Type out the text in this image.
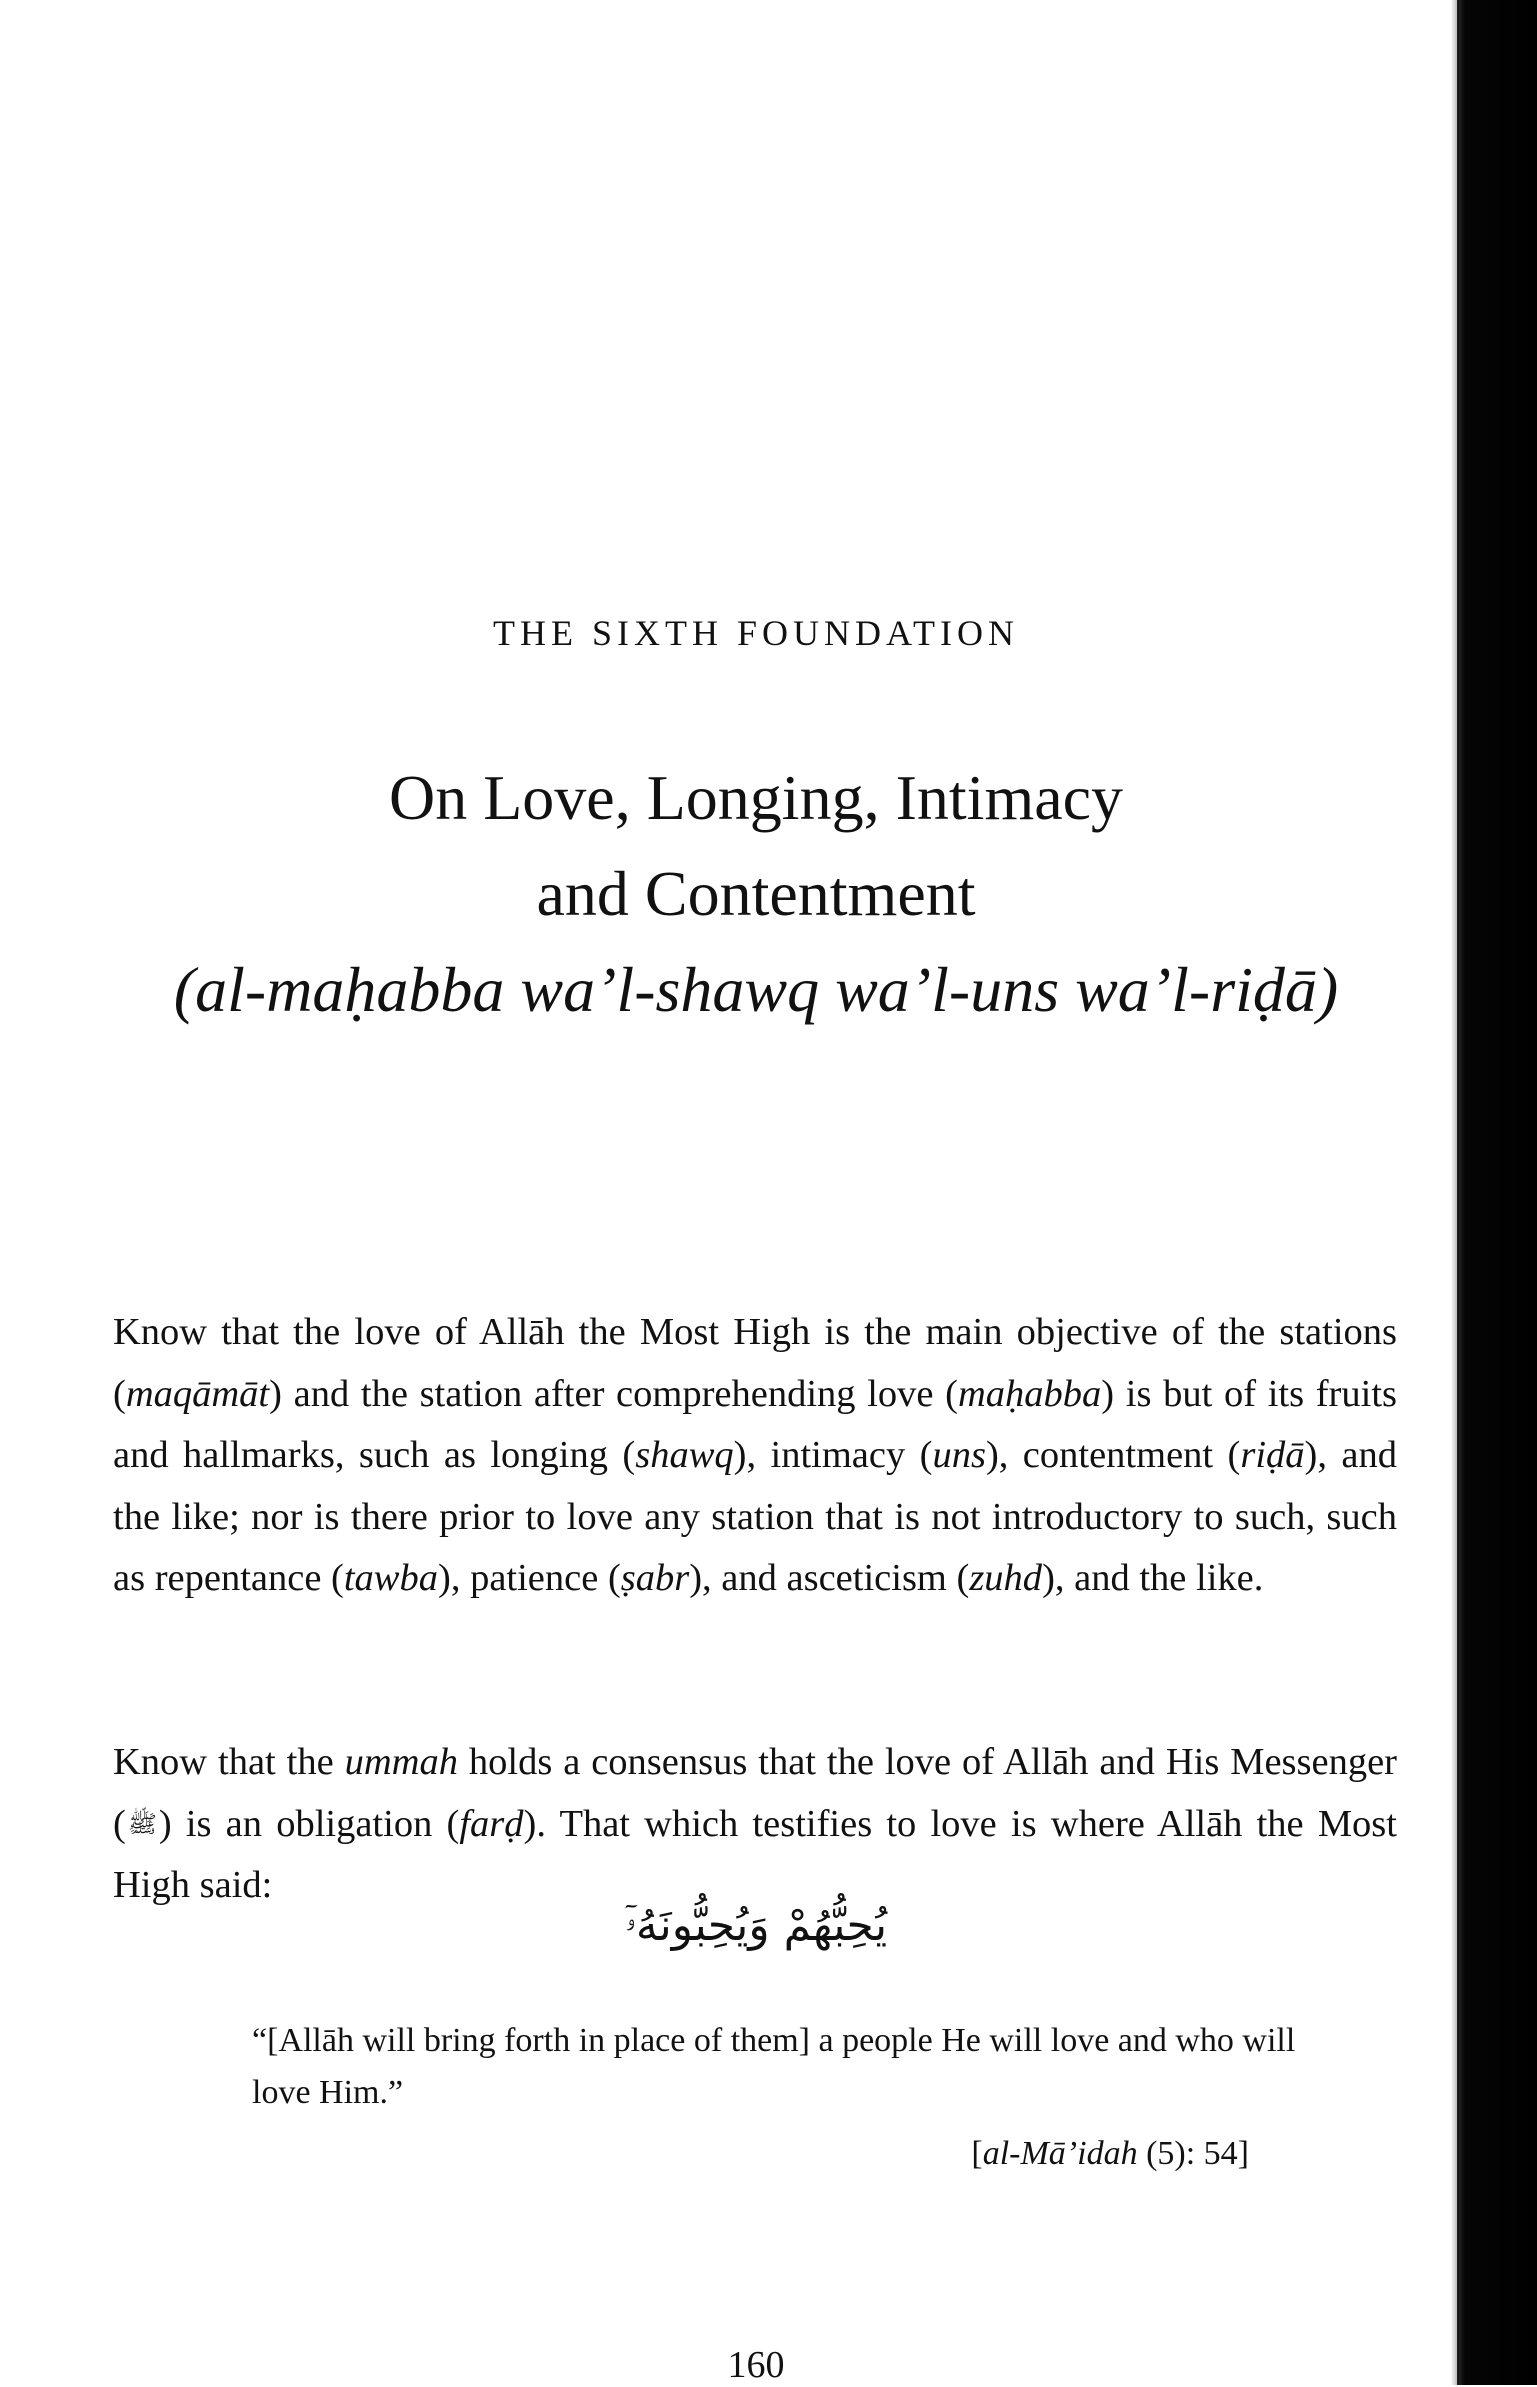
THE SIXTH FOUNDATION

On Love, Longing, Intimacy
and Contentment
(al-maḥabba wa’l-shawq wa’l-uns wa’l-riḍā)

Know that the love of Allāh the Most High is the main objective of the stations (maqāmāt) and the station after comprehending love (maḥabba) is but of its fruits and hallmarks, such as longing (shawq), intimacy (uns), contentment (riḍā), and the like; nor is there prior to love any station that is not introductory to such, such as repentance (tawba), patience (ṣabr), and asceticism (zuhd), and the like.

Know that the ummah holds a consensus that the love of Allāh and His Messenger (ﷺ) is an obligation (farḍ). That which testifies to love is where Allāh the Most High said:

يُحِبُّهُمْ وَيُحِبُّونَهُۥٓ

“[Allāh will bring forth in place of them] a people He will love and who will love Him.”

[al-Mā’idah (5): 54]

160
